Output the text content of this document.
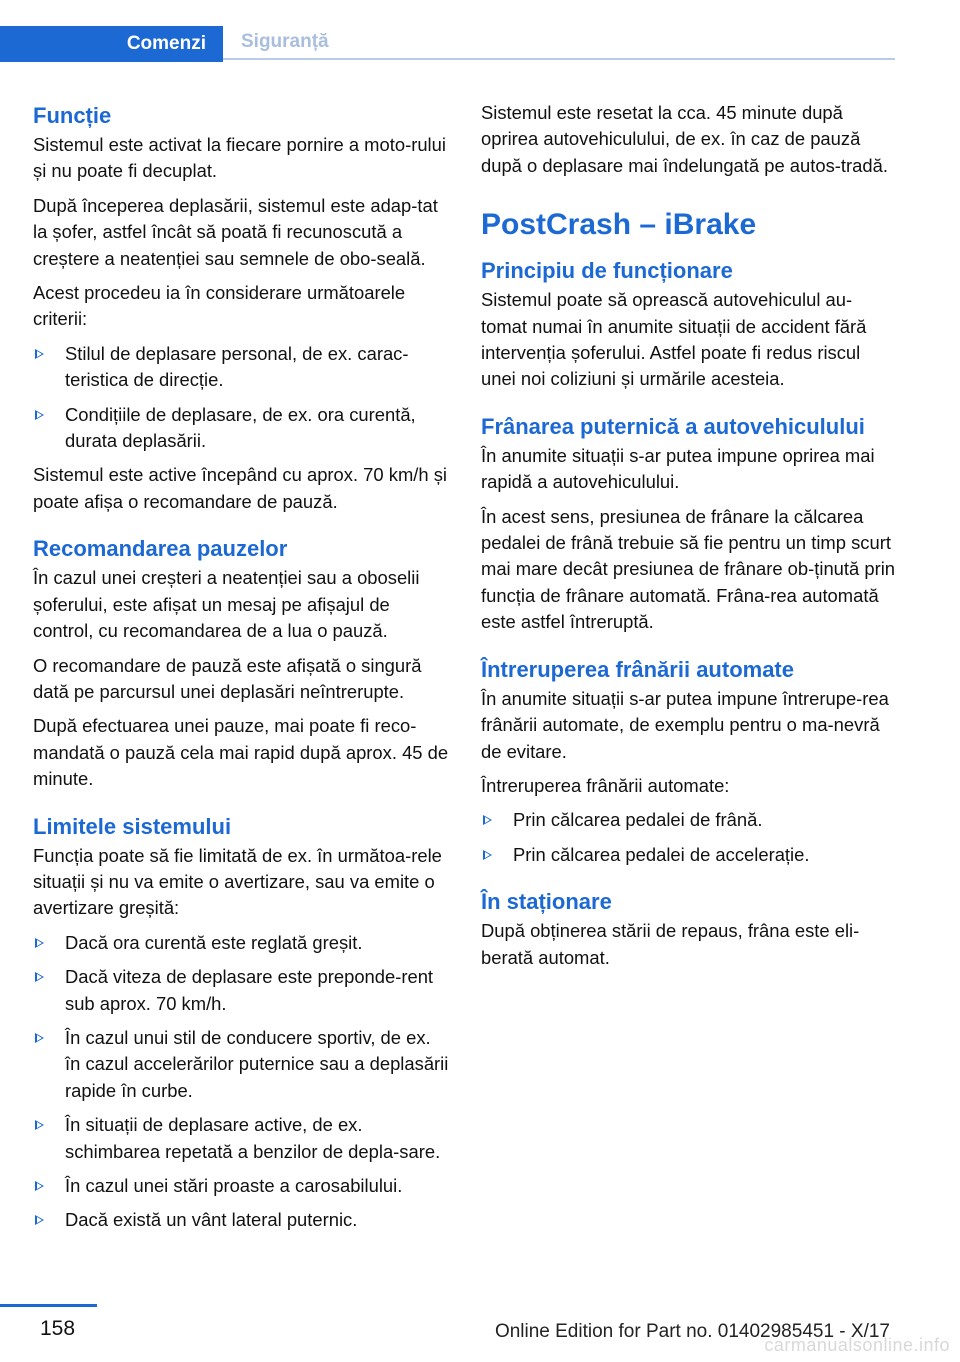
Comenzi	Siguranță
Funcție

Sistemul este activat la fiecare pornire a moto-rului și nu poate fi decuplat.

După începerea deplasării, sistemul este adap-tat la șofer, astfel încât să poată fi recunoscută a creștere a neatenției sau semnele de obo-seală.

Acest procedeu ia în considerare următoarele criterii:

Stilul de deplasare personal, de ex. carac-teristica de direcție.
Condițiile de deplasare, de ex. ora curentă, durata deplasării.

Sistemul este active începând cu aprox. 70 km/h și poate afișa o recomandare de pauză.

Recomandarea pauzelor

În cazul unei creșteri a neatenției sau a oboselii șoferului, este afișat un mesaj pe afișajul de control, cu recomandarea de a lua o pauză.

O recomandare de pauză este afișată o singură dată pe parcursul unei deplasări neîntrerupte.

După efectuarea unei pauze, mai poate fi reco-mandată o pauză cela mai rapid după aprox. 45 de minute.

Limitele sistemului

Funcția poate să fie limitată de ex. în următoa-rele situații și nu va emite o avertizare, sau va emite o avertizare greșită:

Dacă ora curentă este reglată greșit.
Dacă viteza de deplasare este preponde-rent sub aprox. 70 km/h.
În cazul unui stil de conducere sportiv, de ex. în cazul accelerărilor puternice sau a deplasării rapide în curbe.
În situații de deplasare active, de ex. schimbarea repetată a benzilor de depla-sare.
În cazul unei stări proaste a carosabilului.
Dacă există un vânt lateral puternic.

Sistemul este resetat la cca. 45 minute după oprirea autovehiculului, de ex. în caz de pauză după o deplasare mai îndelungată pe autos-tradă.

PostCrash – iBrake
Principiu de funcționare

Sistemul poate să oprească autovehiculul au-tomat numai în anumite situații de accident fără intervenția șoferului. Astfel poate fi redus riscul unei noi coliziuni și urmările acesteia.

Frânarea puternică a autovehiculului

În anumite situații s-ar putea impune oprirea mai rapidă a autovehiculului.

În acest sens, presiunea de frânare la călcarea pedalei de frână trebuie să fie pentru un timp scurt mai mare decât presiunea de frânare ob-ținută prin funcția de frânare automată. Frâna-rea automată este astfel întreruptă.

Întreruperea frânării automate

În anumite situații s-ar putea impune întrerupe-rea frânării automate, de exemplu pentru o ma-nevră de evitare.

Întreruperea frânării automate:

Prin călcarea pedalei de frână.
Prin călcarea pedalei de accelerație.
În staționare

După obținerea stării de repaus, frâna este eli-berată automat.

158	Online Edition for Part no. 01402985451 - X/17
carmanualsonline.info
